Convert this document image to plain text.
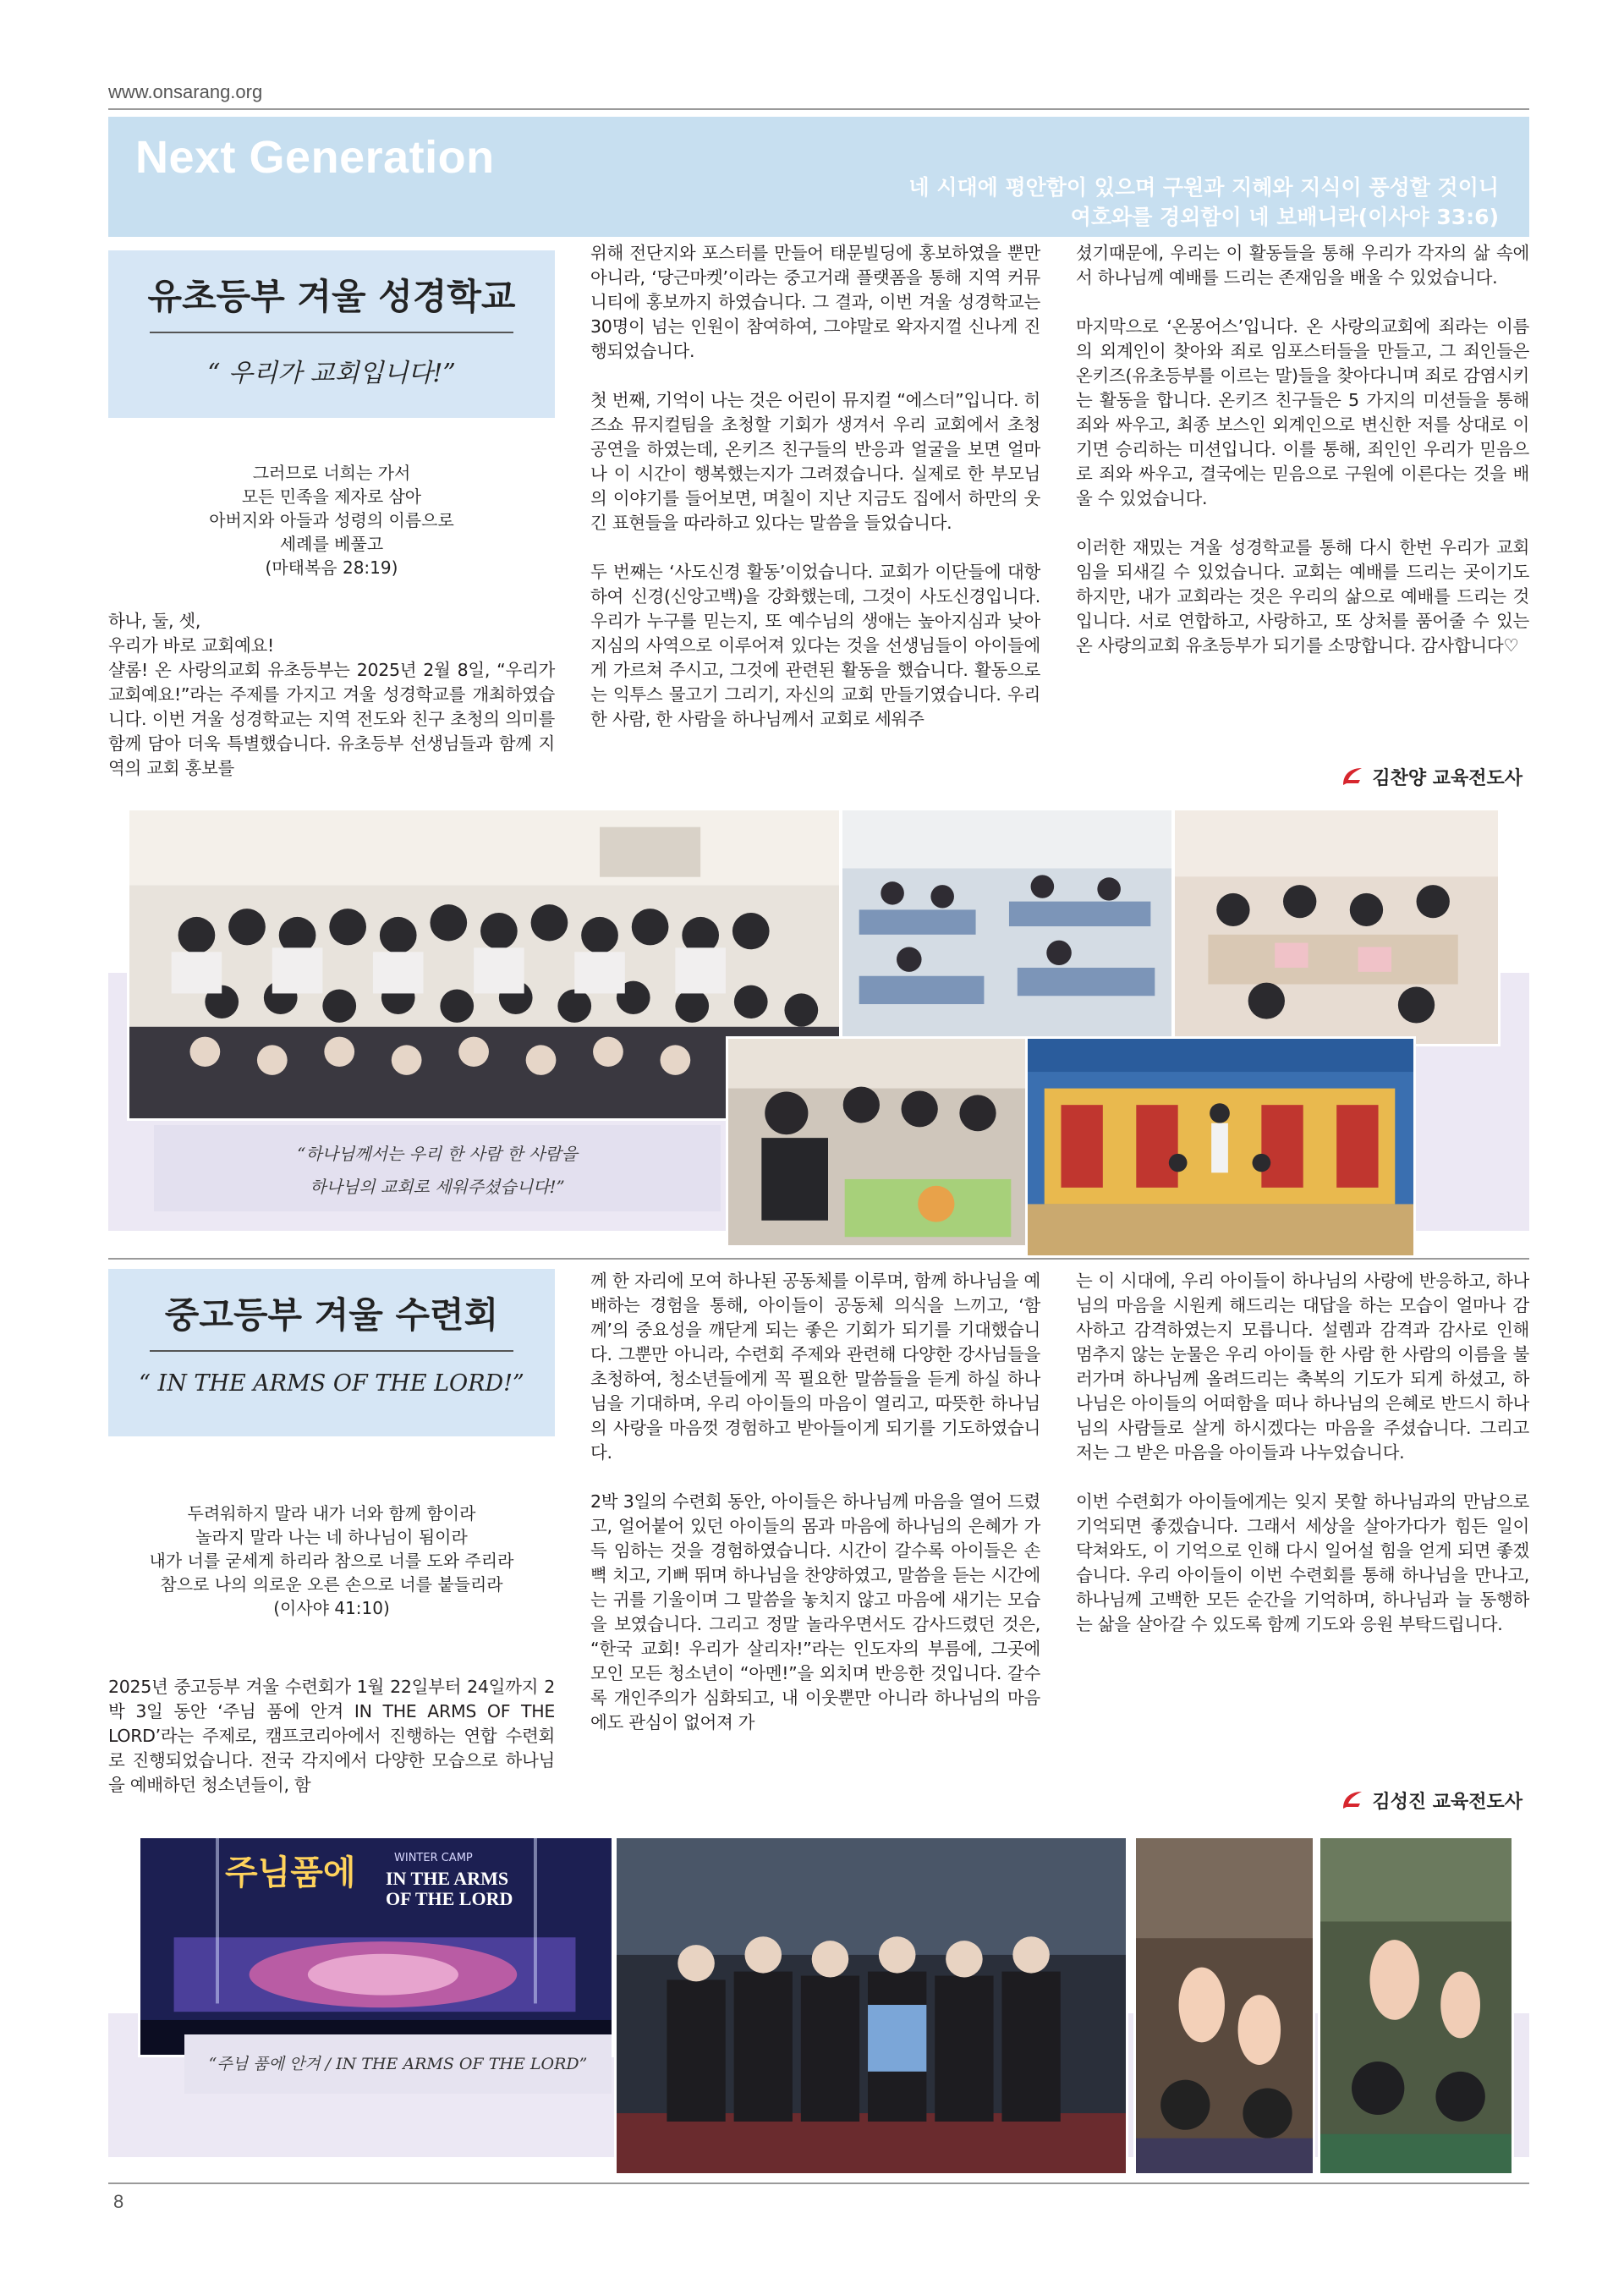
www.onsarang.org
Next Generation
네 시대에 평안함이 있으며 구원과 지혜와 지식이 풍성할 것이니
여호와를 경외함이 네 보배니라(이사야 33:6)
유초등부 겨울 성경학교
“ 우리가 교회입니다!”
그러므로 너희는 가서
모든 민족을 제자로 삼아
아버지와 아들과 성령의 이름으로
세례를 베풀고
(마태복음 28:19)
하나, 둘, 셋,
우리가 바로 교회예요!
샬롬! 온 사랑의교회 유초등부는 2025년 2월 8일, “우리가 교회예요!”라는 주제를 가지고 겨울 성경학교를 개최하였습니다. 이번 겨울 성경학교는 지역 전도와 친구 초청의 의미를 함께 담아 더욱 특별했습니다. 유초등부 선생님들과 함께 지역의 교회 홍보를

위해 전단지와 포스터를 만들어 태문빌딩에 홍보하였을 뿐만 아니라, ‘당근마켓’이라는 중고거래 플랫폼을 통해 지역 커뮤니티에 홍보까지 하였습니다. 그 결과, 이번 겨울 성경학교는 30명이 넘는 인원이 참여하여, 그야말로 왁자지껄 신나게 진행되었습니다.

첫 번째, 기억이 나는 것은 어린이 뮤지컬 “에스더”입니다. 히즈쇼 뮤지컬팀을 초청할 기회가 생겨서 우리 교회에서 초청 공연을 하였는데, 온키즈 친구들의 반응과 얼굴을 보면 얼마나 이 시간이 행복했는지가 그려졌습니다. 실제로 한 부모님의 이야기를 들어보면, 며칠이 지난 지금도 집에서 하만의 웃긴 표현들을 따라하고 있다는 말씀을 들었습니다.

두 번째는 ‘사도신경 활동’이었습니다. 교회가 이단들에 대항하여 신경(신앙고백)을 강화했는데, 그것이 사도신경입니다. 우리가 누구를 믿는지, 또 예수님의 생애는 높아지심과 낮아지심의 사역으로 이루어져 있다는 것을 선생님들이 아이들에게 가르쳐 주시고, 그것에 관련된 활동을 했습니다. 활동으로는 익투스 물고기 그리기, 자신의 교회 만들기였습니다. 우리 한 사람, 한 사람을 하나님께서 교회로 세워주

셨기때문에, 우리는 이 활동들을 통해 우리가 각자의 삶 속에서 하나님께 예배를 드리는 존재임을 배울 수 있었습니다.

마지막으로 ‘온몽어스’입니다. 온 사랑의교회에 죄라는 이름의 외계인이 찾아와 죄로 임포스터들을 만들고, 그 죄인들은 온키즈(유초등부를 이르는 말)들을 찾아다니며 죄로 감염시키는 활동을 합니다. 온키즈 친구들은 5 가지의 미션들을 통해 죄와 싸우고, 최종 보스인 외계인으로 변신한 저를 상대로 이기면 승리하는 미션입니다. 이를 통해, 죄인인 우리가 믿음으로 죄와 싸우고, 결국에는 믿음으로 구원에 이른다는 것을 배울 수 있었습니다.

이러한 재밌는 겨울 성경학교를 통해 다시 한번 우리가 교회임을 되새길 수 있었습니다. 교회는 예배를 드리는 곳이기도 하지만, 내가 교회라는 것은 우리의 삶으로 예배를 드리는 것입니다. 서로 연합하고, 사랑하고, 또 상처를 품어줄 수 있는 온 사랑의교회 유초등부가 되기를 소망합니다. 감사합니다♡

김찬양 교육전도사
“하나님께서는 우리 한 사람 한 사람을
하나님의 교회로 세워주셨습니다!”
중고등부 겨울 수련회
“ IN THE ARMS OF THE LORD!”
두려워하지 말라 내가 너와 함께 함이라
놀라지 말라 나는 네 하나님이 됨이라
내가 너를 굳세게 하리라 참으로 너를 도와 주리라
참으로 나의 의로운 오른 손으로 너를 붙들리라
(이사야 41:10)
2025년 중고등부 겨울 수련회가 1월 22일부터 24일까지 2박 3일 동안 ‘주님 품에 안겨 IN THE ARMS OF THE LORD’라는 주제로, 캠프코리아에서 진행하는 연합 수련회로 진행되었습니다. 전국 각지에서 다양한 모습으로 하나님을 예배하던 청소년들이, 함

께 한 자리에 모여 하나된 공동체를 이루며, 함께 하나님을 예배하는 경험을 통해, 아이들이 공동체 의식을 느끼고, ‘함께’의 중요성을 깨닫게 되는 좋은 기회가 되기를 기대했습니다. 그뿐만 아니라, 수련회 주제와 관련해 다양한 강사님들을 초청하여, 청소년들에게 꼭 필요한 말씀들을 듣게 하실 하나님을 기대하며, 우리 아이들의 마음이 열리고, 따뜻한 하나님의 사랑을 마음껏 경험하고 받아들이게 되기를 기도하였습니다.

2박 3일의 수련회 동안, 아이들은 하나님께 마음을 열어 드렸고, 얼어붙어 있던 아이들의 몸과 마음에 하나님의 은혜가 가득 임하는 것을 경험하였습니다. 시간이 갈수록 아이들은 손뼉 치고, 기뻐 뛰며 하나님을 찬양하였고, 말씀을 듣는 시간에는 귀를 기울이며 그 말씀을 놓치지 않고 마음에 새기는 모습을 보였습니다. 그리고 정말 놀라우면서도 감사드렸던 것은, “한국 교회! 우리가 살리자!”라는 인도자의 부름에, 그곳에 모인 모든 청소년이 “아멘!”을 외치며 반응한 것입니다. 갈수록 개인주의가 심화되고, 내 이웃뿐만 아니라 하나님의 마음에도 관심이 없어져 가

는 이 시대에, 우리 아이들이 하나님의 사랑에 반응하고, 하나님의 마음을 시원케 해드리는 대답을 하는 모습이 얼마나 감사하고 감격하였는지 모릅니다. 설렘과 감격과 감사로 인해 멈추지 않는 눈물은 우리 아이들 한 사람 한 사람의 이름을 불러가며 하나님께 올려드리는 축복의 기도가 되게 하셨고, 하나님은 아이들의 어떠함을 떠나 하나님의 은혜로 반드시 하나님의 사람들로 살게 하시겠다는 마음을 주셨습니다. 그리고 저는 그 받은 마음을 아이들과 나누었습니다.

이번 수련회가 아이들에게는 잊지 못할 하나님과의 만남으로 기억되면 좋겠습니다. 그래서 세상을 살아가다가 힘든 일이 닥쳐와도, 이 기억으로 인해 다시 일어설 힘을 얻게 되면 좋겠습니다. 우리 아이들이 이번 수련회를 통해 하나님을 만나고, 하나님께 고백한 모든 순간을 기억하며, 하나님과 늘 동행하는 삶을 살아갈 수 있도록 함께 기도와 응원 부탁드립니다.

김성진 교육전도사
주님품에	WINTER CAMP
IN THE ARMS
OF THE LORD
“주님 품에 안겨 / IN THE ARMS OF THE LORD”
8
